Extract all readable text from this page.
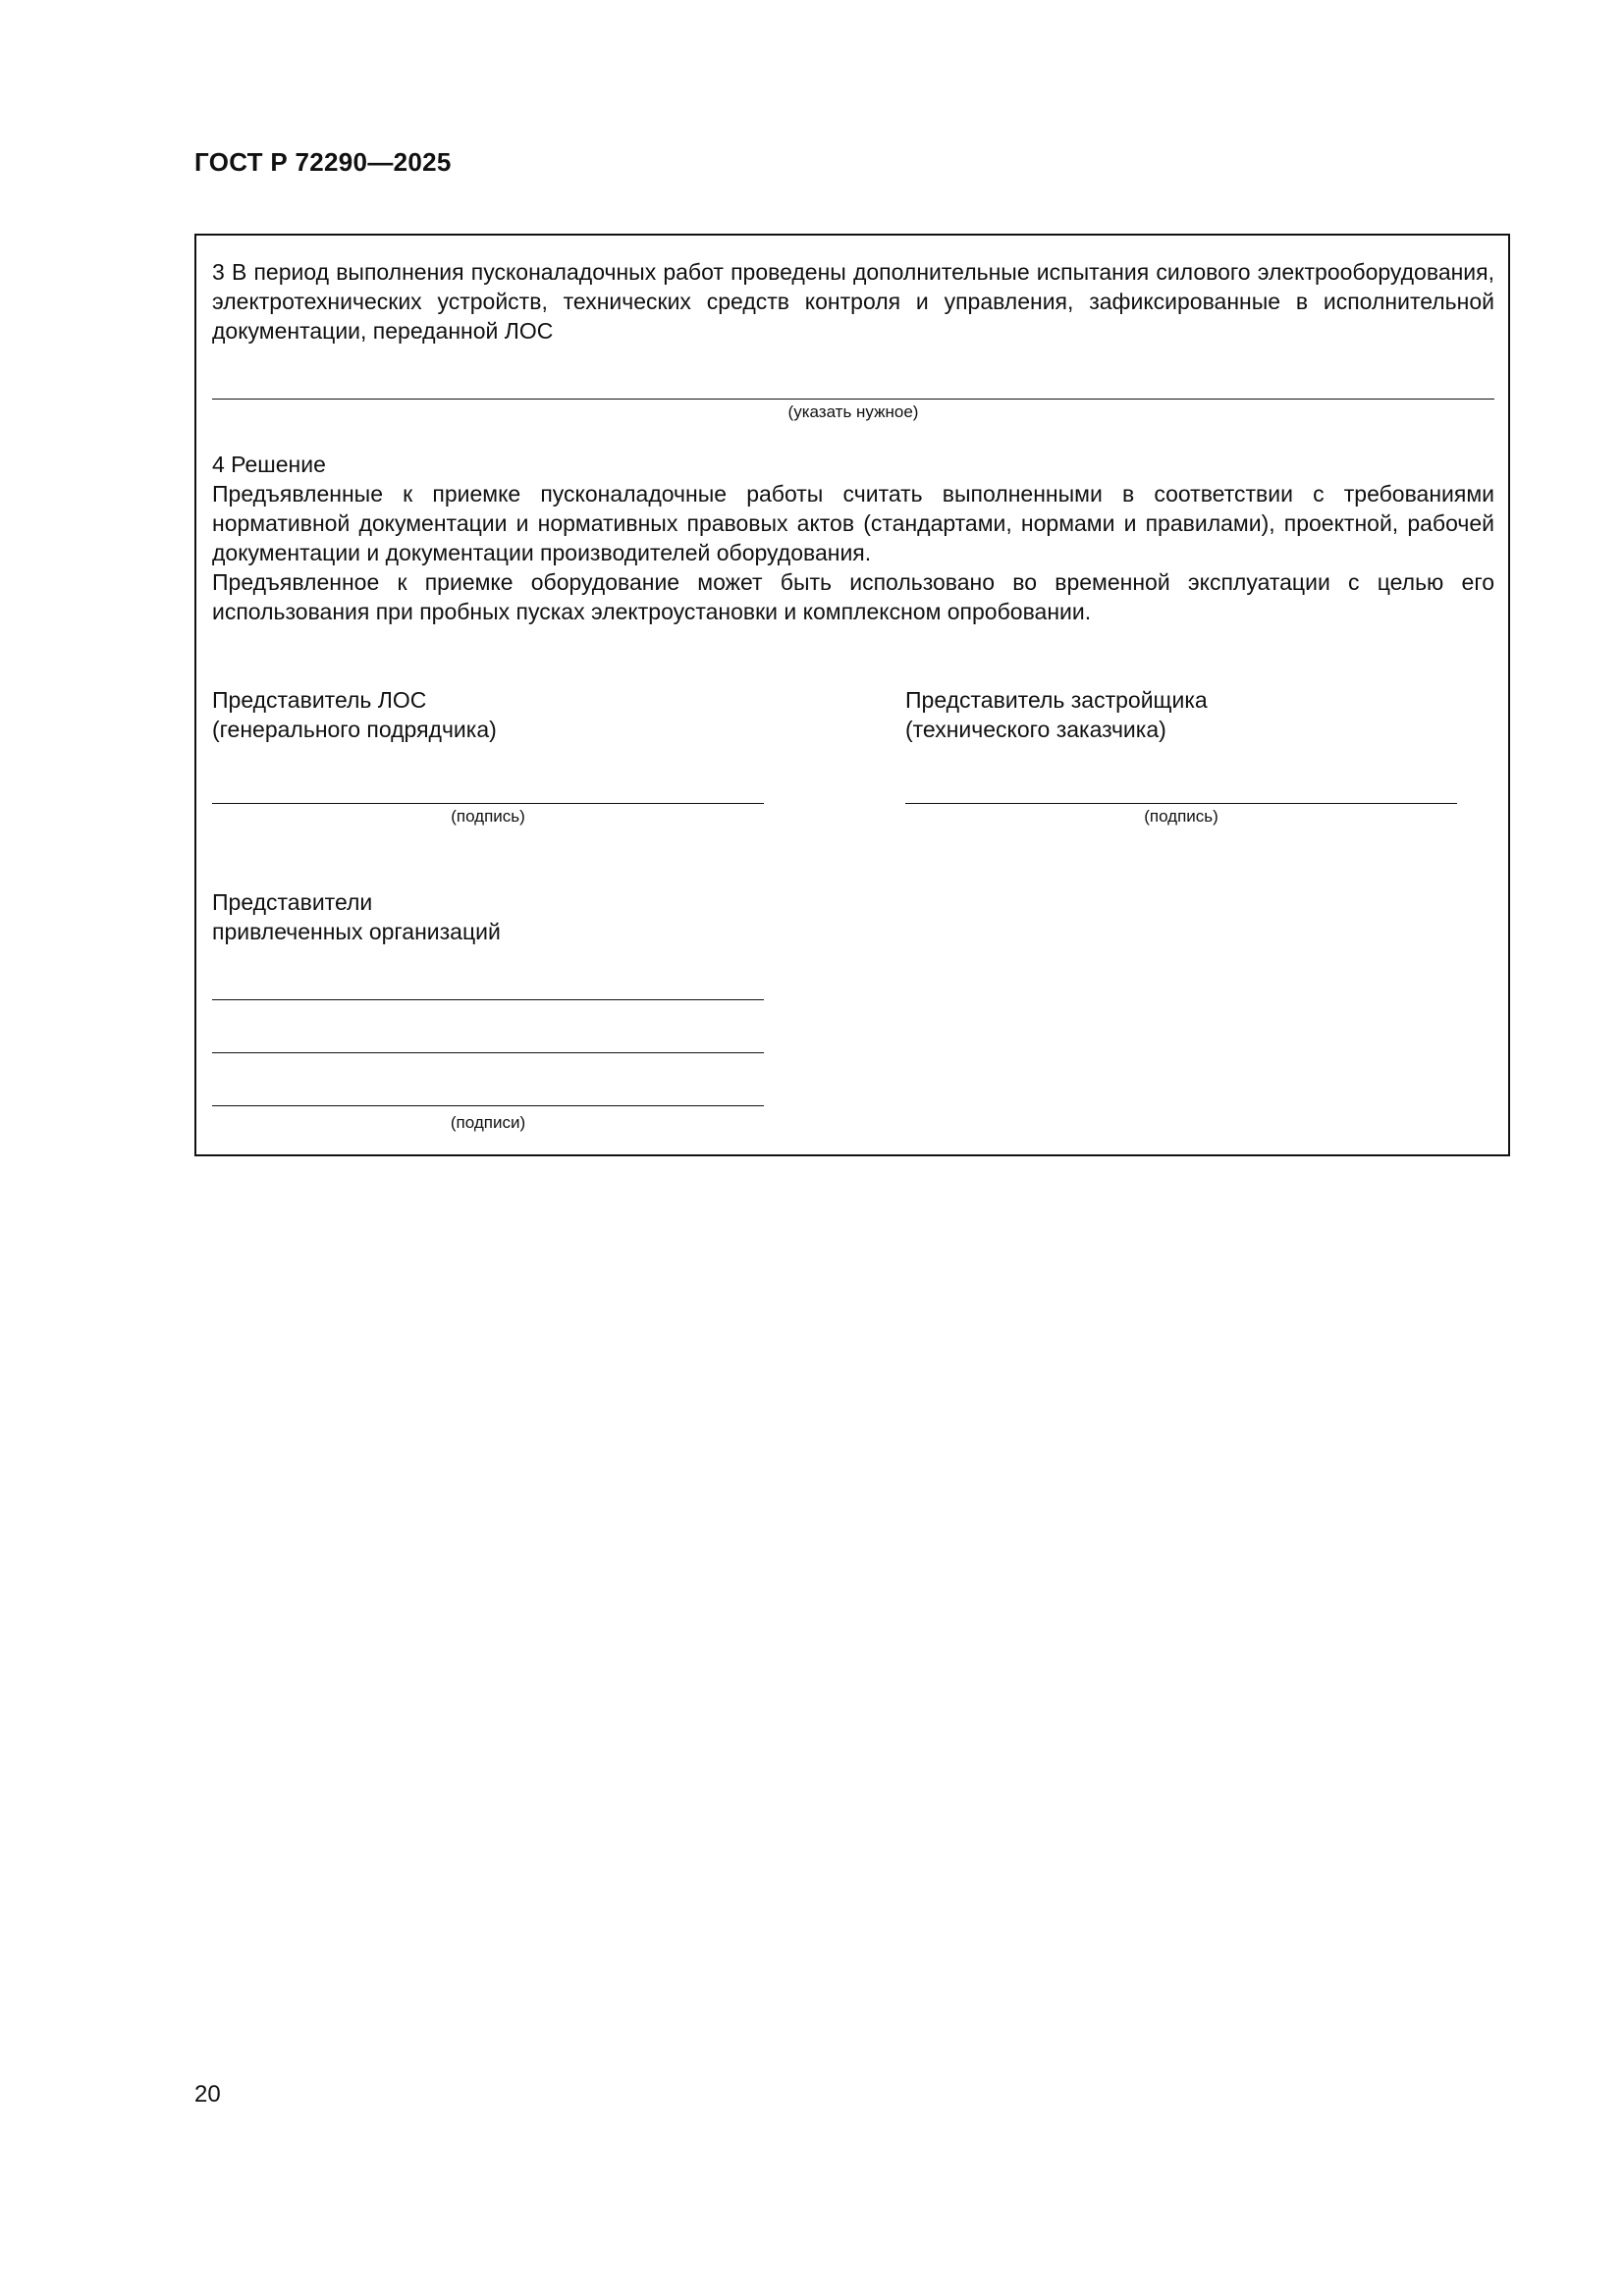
ГОСТ Р 72290—2025

3 В период выполнения пусконаладочных работ проведены дополнительные испытания силового электрооборудования, электротехнических устройств, технических средств контроля и управления, зафиксированные в исполнительной документации, переданной ЛОС

(указать нужное)
4 Решение

Предъявленные к приемке пусконаладочные работы считать выполненными в соответствии с требованиями нормативной документации и нормативных правовых актов (стандартами, нормами и правилами), проектной, рабочей документации и документации производителей оборудования.

Предъявленное к приемке оборудование может быть использовано во временной эксплуатации с целью его использования при пробных пусках электроустановки и комплексном опробовании.

Представитель ЛОС
(генерального подрядчика)
(подпись)
Представитель застройщика
(технического заказчика)
(подпись)
Представители
привлеченных организаций
(подписи)
20
